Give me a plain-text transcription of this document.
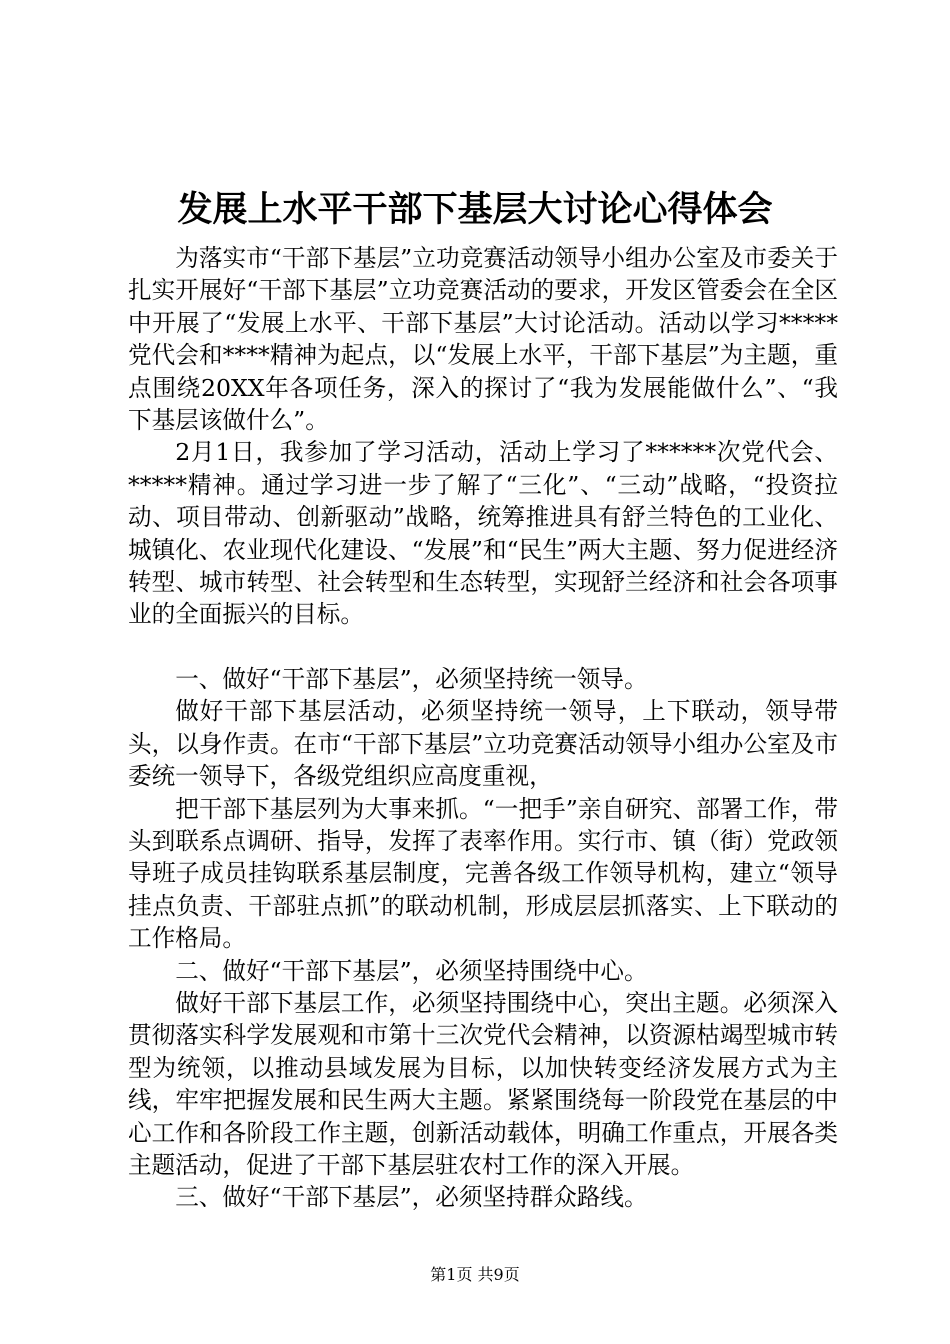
发展上水平干部下基层大讨论心得体会

为落实市“干部下基层”立功竞赛活动领导小组办公室及市委关于扎实开展好“干部下基层”立功竞赛活动的要求，开发区管委会在全区中开展了“发展上水平、干部下基层”大讨论活动。活动以学习*****党代会和****精神为起点，以“发展上水平，干部下基层”为主题，重点围绕20XX年各项任务，深入的探讨了“我为发展能做什么”、“我下基层该做什么”。

2月1日，我参加了学习活动，活动上学习了******次党代会、*****精神。通过学习进一步了解了“三化”、“三动”战略，“投资拉动、项目带动、创新驱动”战略，统筹推进具有舒兰特色的工业化、城镇化、农业现代化建设、“发展”和“民生”两大主题、努力促进经济转型、城市转型、社会转型和生态转型，实现舒兰经济和社会各项事业的全面振兴的目标。

一、做好“干部下基层”，必须坚持统一领导。

做好干部下基层活动，必须坚持统一领导，上下联动，领导带头，以身作责。在市“干部下基层”立功竞赛活动领导小组办公室及市委统一领导下，各级党组织应高度重视，

把干部下基层列为大事来抓。“一把手”亲自研究、部署工作，带头到联系点调研、指导，发挥了表率作用。实行市、镇（街）党政领导班子成员挂钩联系基层制度，完善各级工作领导机构，建立“领导挂点负责、干部驻点抓”的联动机制，形成层层抓落实、上下联动的工作格局。

二、做好“干部下基层”，必须坚持围绕中心。

做好干部下基层工作，必须坚持围绕中心，突出主题。必须深入贯彻落实科学发展观和市第十三次党代会精神，以资源枯竭型城市转型为统领，以推动县域发展为目标，以加快转变经济发展方式为主线，牢牢把握发展和民生两大主题。紧紧围绕每一阶段党在基层的中心工作和各阶段工作主题，创新活动载体，明确工作重点，开展各类主题活动，促进了干部下基层驻农村工作的深入开展。

三、做好“干部下基层”，必须坚持群众路线。

第1页 共9页
